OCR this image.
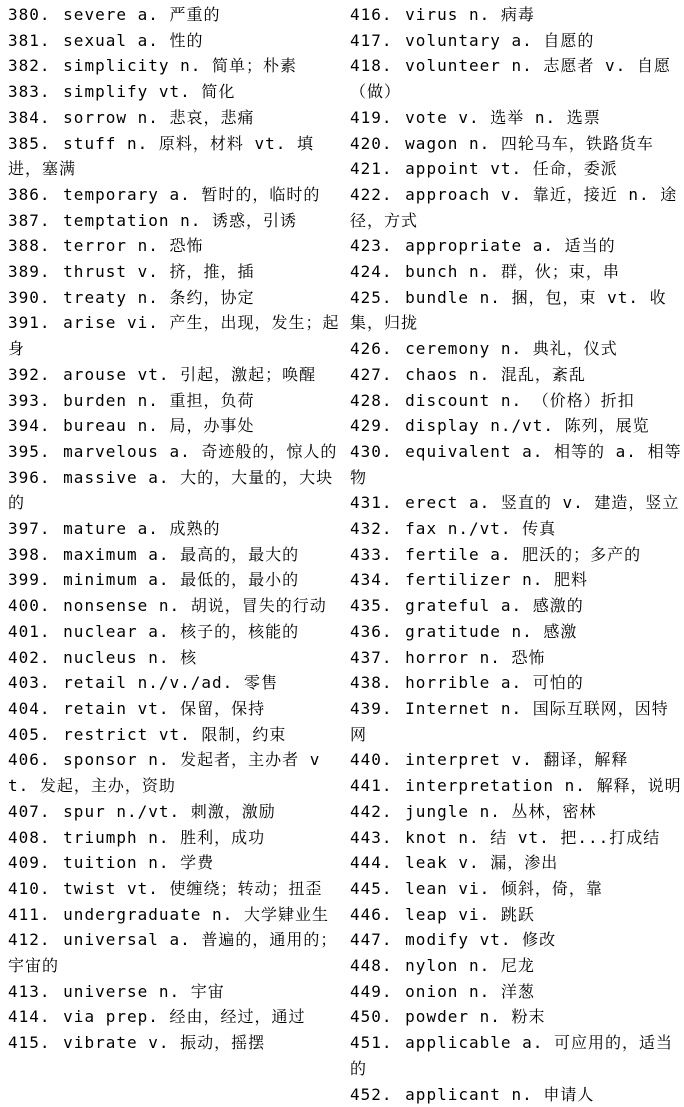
380. severe a. 严重的
381. sexual a. 性的
382. simplicity n. 简单；朴素
383. simplify vt. 简化
384. sorrow n. 悲哀，悲痛
385. stuff n. 原料，材料 vt. 填进，塞满
386. temporary a. 暂时的，临时的
387. temptation n. 诱惑，引诱
388. terror n. 恐怖
389. thrust v. 挤，推，插
390. treaty n. 条约，协定
391. arise vi. 产生，出现，发生；起身
392. arouse vt. 引起，激起；唤醒
393. burden n. 重担，负荷
394. bureau n. 局，办事处
395. marvelous a. 奇迹般的，惊人的
396. massive a. 大的，大量的，大块的
397. mature a. 成熟的
398. maximum a. 最高的，最大的
399. minimum a. 最低的，最小的
400. nonsense n. 胡说，冒失的行动
401. nuclear a. 核子的，核能的
402. nucleus n. 核
403. retail n./v./ad. 零售
404. retain vt. 保留，保持
405. restrict vt. 限制，约束
406. sponsor n. 发起者，主办者 vt. 发起，主办，资助
407. spur n./vt. 刺激，激励
408. triumph n. 胜利，成功
409. tuition n. 学费
410. twist vt. 使缠绕；转动；扭歪
411. undergraduate n. 大学肄业生
412. universal a. 普遍的，通用的；宇宙的
413. universe n. 宇宙
414. via prep. 经由，经过，通过
415. vibrate v. 振动，摇摆
416. virus n. 病毒
417. voluntary a. 自愿的
418. volunteer n. 志愿者 v. 自愿（做）
419. vote v. 选举 n. 选票
420. wagon n. 四轮马车，铁路货车
421. appoint vt. 任命，委派
422. approach v. 靠近，接近 n. 途径，方式
423. appropriate a. 适当的
424. bunch n. 群，伙；束，串
425. bundle n. 捆，包，束 vt. 收集，归拢
426. ceremony n. 典礼，仪式
427. chaos n. 混乱，紊乱
428. discount n. （价格）折扣
429. display n./vt. 陈列，展览
430. equivalent a. 相等的 a. 相等物
431. erect a. 竖直的 v. 建造，竖立
432. fax n./vt. 传真
433. fertile a. 肥沃的；多产的
434. fertilizer n. 肥料
435. grateful a. 感激的
436. gratitude n. 感激
437. horror n. 恐怖
438. horrible a. 可怕的
439. Internet n. 国际互联网，因特网
440. interpret v. 翻译，解释
441. interpretation n. 解释，说明
442. jungle n. 丛林，密林
443. knot n. 结 vt. 把...打成结
444. leak v. 漏，渗出
445. lean vi. 倾斜，倚，靠
446. leap vi. 跳跃
447. modify vt. 修改
448. nylon n. 尼龙
449. onion n. 洋葱
450. powder n. 粉末
451. applicable a. 可应用的，适当的
452. applicant n. 申请人
